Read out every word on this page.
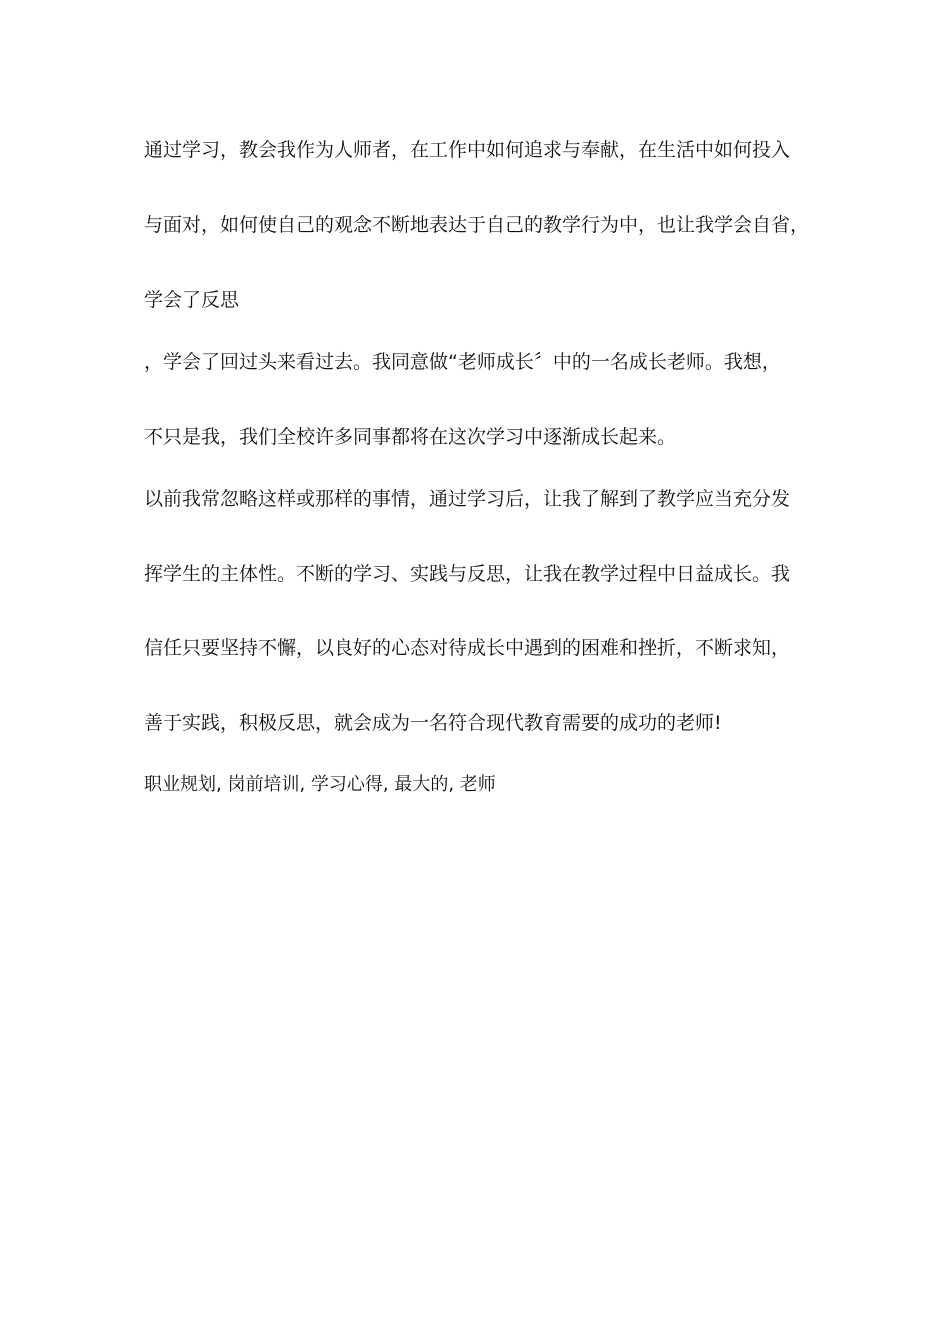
通过学习，教会我作为人师者，在工作中如何追求与奉献，在生活中如何投入
与面对，如何使自己的观念不断地表达于自己的教学行为中，也让我学会自省，
学会了反思
，学会了回过头来看过去。我同意做“老师成长〞中的一名成长老师。我想，
不只是我，我们全校许多同事都将在这次学习中逐渐成长起来。
以前我常忽略这样或那样的事情，通过学习后，让我了解到了教学应当充分发
挥学生的主体性。不断的学习、实践与反思，让我在教学过程中日益成长。我
信任只要坚持不懈，以良好的心态对待成长中遇到的困难和挫折，不断求知，
善于实践，积极反思，就会成为一名符合现代教育需要的成功的老师!
职业规划, 岗前培训, 学习心得, 最大的, 老师
